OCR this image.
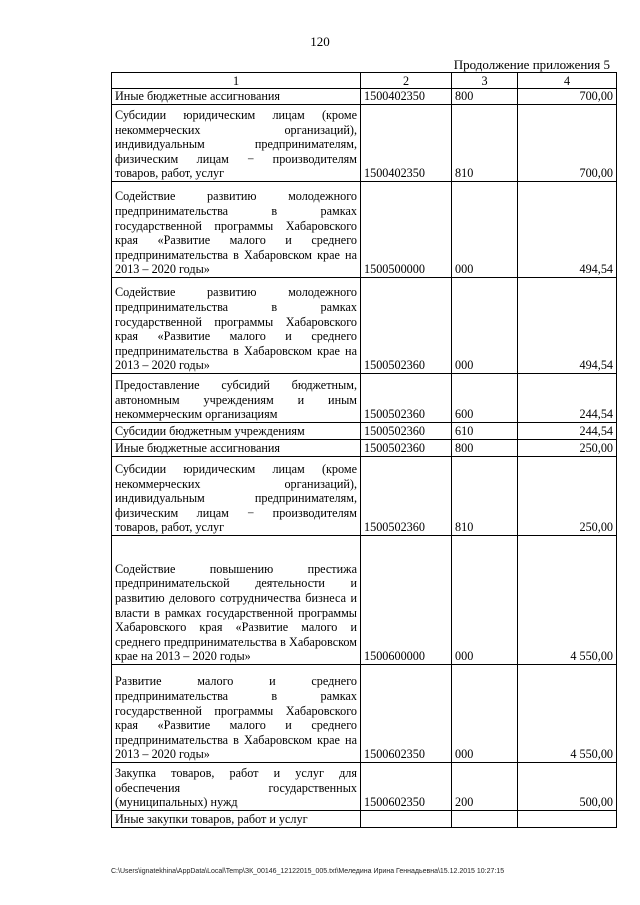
120
Продолжение приложения 5
1	2	3	4
Иные бюджетные ассигнования	1500402350	800	700,00
Субсидии юридическим лицам (кроме некоммерческих организаций), индивидуальным предпринимателям, физическим лицам − производителям товаров, работ, услуг	1500402350	810	700,00
Содействие развитию молодежного предпринимательства в рамках государственной программы Хабаровского края «Развитие малого и среднего предпринимательства в Хабаровском крае на 2013 – 2020 годы»	1500500000	000	494,54
Содействие развитию молодежного предпринимательства в рамках государственной программы Хабаровского края «Развитие малого и среднего предпринимательства в Хабаровском крае на 2013 – 2020 годы»	1500502360	000	494,54
Предоставление субсидий бюджетным, автономным учреждениям и иным некоммерческим организациям	1500502360	600	244,54
Субсидии бюджетным учреждениям	1500502360	610	244,54
Иные бюджетные ассигнования	1500502360	800	250,00
Субсидии юридическим лицам (кроме некоммерческих организаций), индивидуальным предпринимателям, физическим лицам − производителям товаров, работ, услуг	1500502360	810	250,00
Содействие повышению престижа предпринимательской деятельности и развитию делового сотрудничества бизнеса и власти в рамках государственной программы Хабаровского края «Развитие малого и среднего предпринимательства в Хабаровском крае на 2013 – 2020 годы»	1500600000	000	4 550,00
Развитие малого и среднего предпринимательства в рамках государственной программы Хабаровского края «Развитие малого и среднего предпринимательства в Хабаровском крае на 2013 – 2020 годы»	1500602350	000	4 550,00
Закупка товаров, работ и услуг для обеспечения государственных (муниципальных) нужд	1500602350	200	500,00
Иные закупки товаров, работ и услуг			
C:\Users\ignatekhina\AppData\Local\Temp\ЗК_00146_12122015_005.txt\Меледина Ирина Геннадьевна\15.12.2015 10:27:15
